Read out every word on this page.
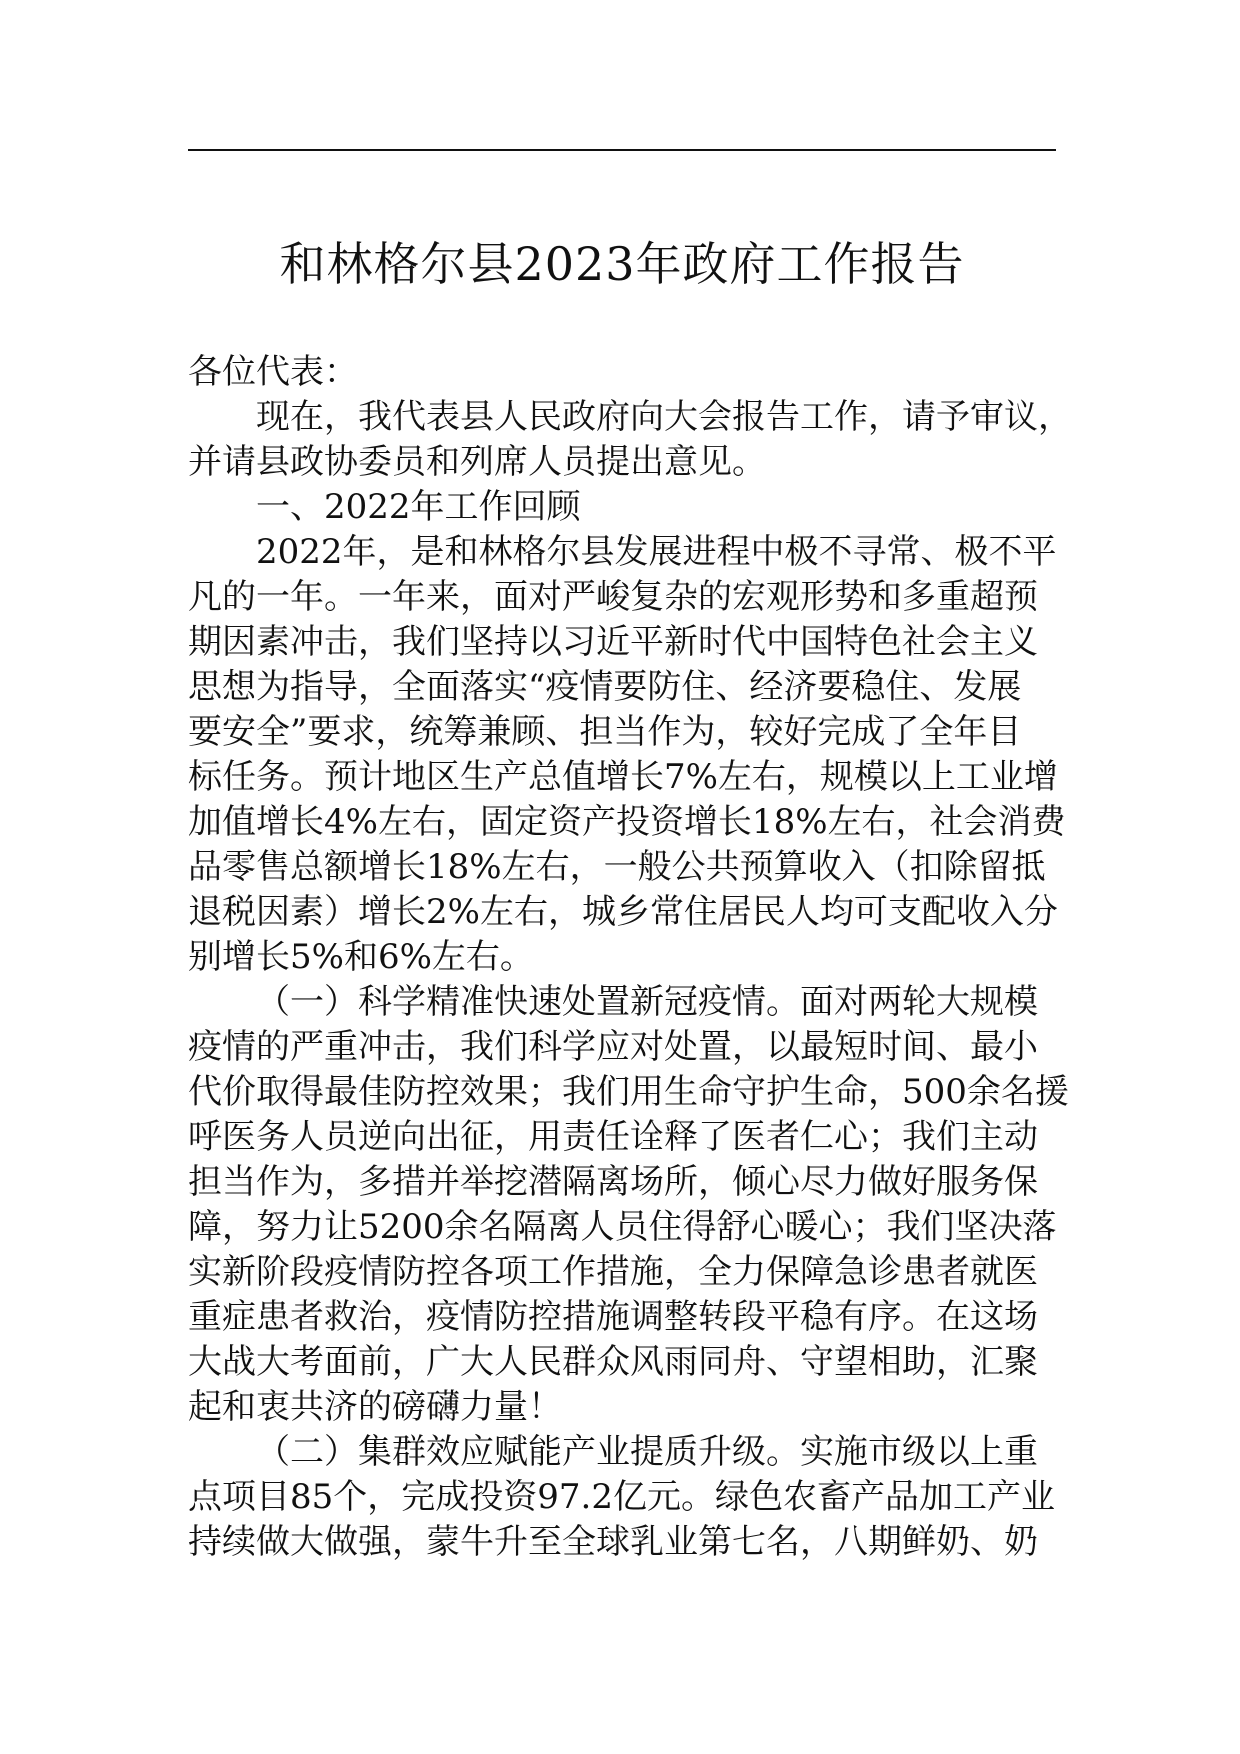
和林格尔县2023年政府工作报告
各位代表：
现在，我代表县人民政府向大会报告工作，请予审议，
并请县政协委员和列席人员提出意见。
一、2022年工作回顾
2022年，是和林格尔县发展进程中极不寻常、极不平
凡的一年。一年来，面对严峻复杂的宏观形势和多重超预
期因素冲击，我们坚持以习近平新时代中国特色社会主义
思想为指导，全面落实“疫情要防住、经济要稳住、发展
要安全”要求，统筹兼顾、担当作为，较好完成了全年目
标任务。预计地区生产总值增长7%左右，规模以上工业增
加值增长4%左右，固定资产投资增长18%左右，社会消费
品零售总额增长18%左右，一般公共预算收入（扣除留抵
退税因素）增长2%左右，城乡常住居民人均可支配收入分
别增长5%和6%左右。
（一）科学精准快速处置新冠疫情。面对两轮大规模
疫情的严重冲击，我们科学应对处置，以最短时间、最小
代价取得最佳防控效果；我们用生命守护生命，500余名援
呼医务人员逆向出征，用责任诠释了医者仁心；我们主动
担当作为，多措并举挖潜隔离场所，倾心尽力做好服务保
障，努力让5200余名隔离人员住得舒心暖心；我们坚决落
实新阶段疫情防控各项工作措施，全力保障急诊患者就医
重症患者救治，疫情防控措施调整转段平稳有序。在这场
大战大考面前，广大人民群众风雨同舟、守望相助，汇聚
起和衷共济的磅礴力量！
（二）集群效应赋能产业提质升级。实施市级以上重
点项目85个，完成投资97.2亿元。绿色农畜产品加工产业
持续做大做强，蒙牛升至全球乳业第七名，八期鲜奶、奶
